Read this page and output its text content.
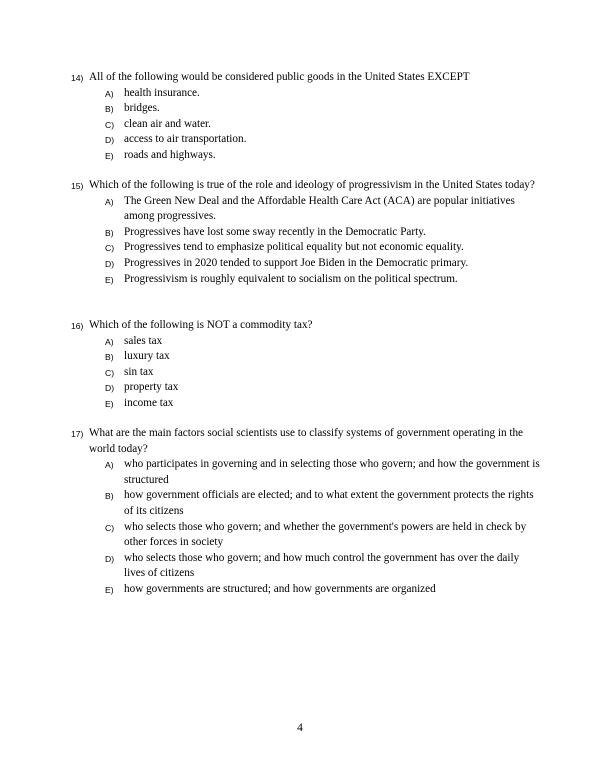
14) All of the following would be considered public goods in the United States EXCEPT
A) health insurance.
B) bridges.
C) clean air and water.
D) access to air transportation.
E) roads and highways.
15) Which of the following is true of the role and ideology of progressivism in the United States today?
A) The Green New Deal and the Affordable Health Care Act (ACA) are popular initiatives among progressives.
B) Progressives have lost some sway recently in the Democratic Party.
C) Progressives tend to emphasize political equality but not economic equality.
D) Progressives in 2020 tended to support Joe Biden in the Democratic primary.
E) Progressivism is roughly equivalent to socialism on the political spectrum.
16) Which of the following is NOT a commodity tax?
A) sales tax
B) luxury tax
C) sin tax
D) property tax
E) income tax
17) What are the main factors social scientists use to classify systems of government operating in the world today?
A) who participates in governing and in selecting those who govern; and how the government is structured
B) how government officials are elected; and to what extent the government protects the rights of its citizens
C) who selects those who govern; and whether the government's powers are held in check by other forces in society
D) who selects those who govern; and how much control the government has over the daily lives of citizens
E) how governments are structured; and how governments are organized
4
